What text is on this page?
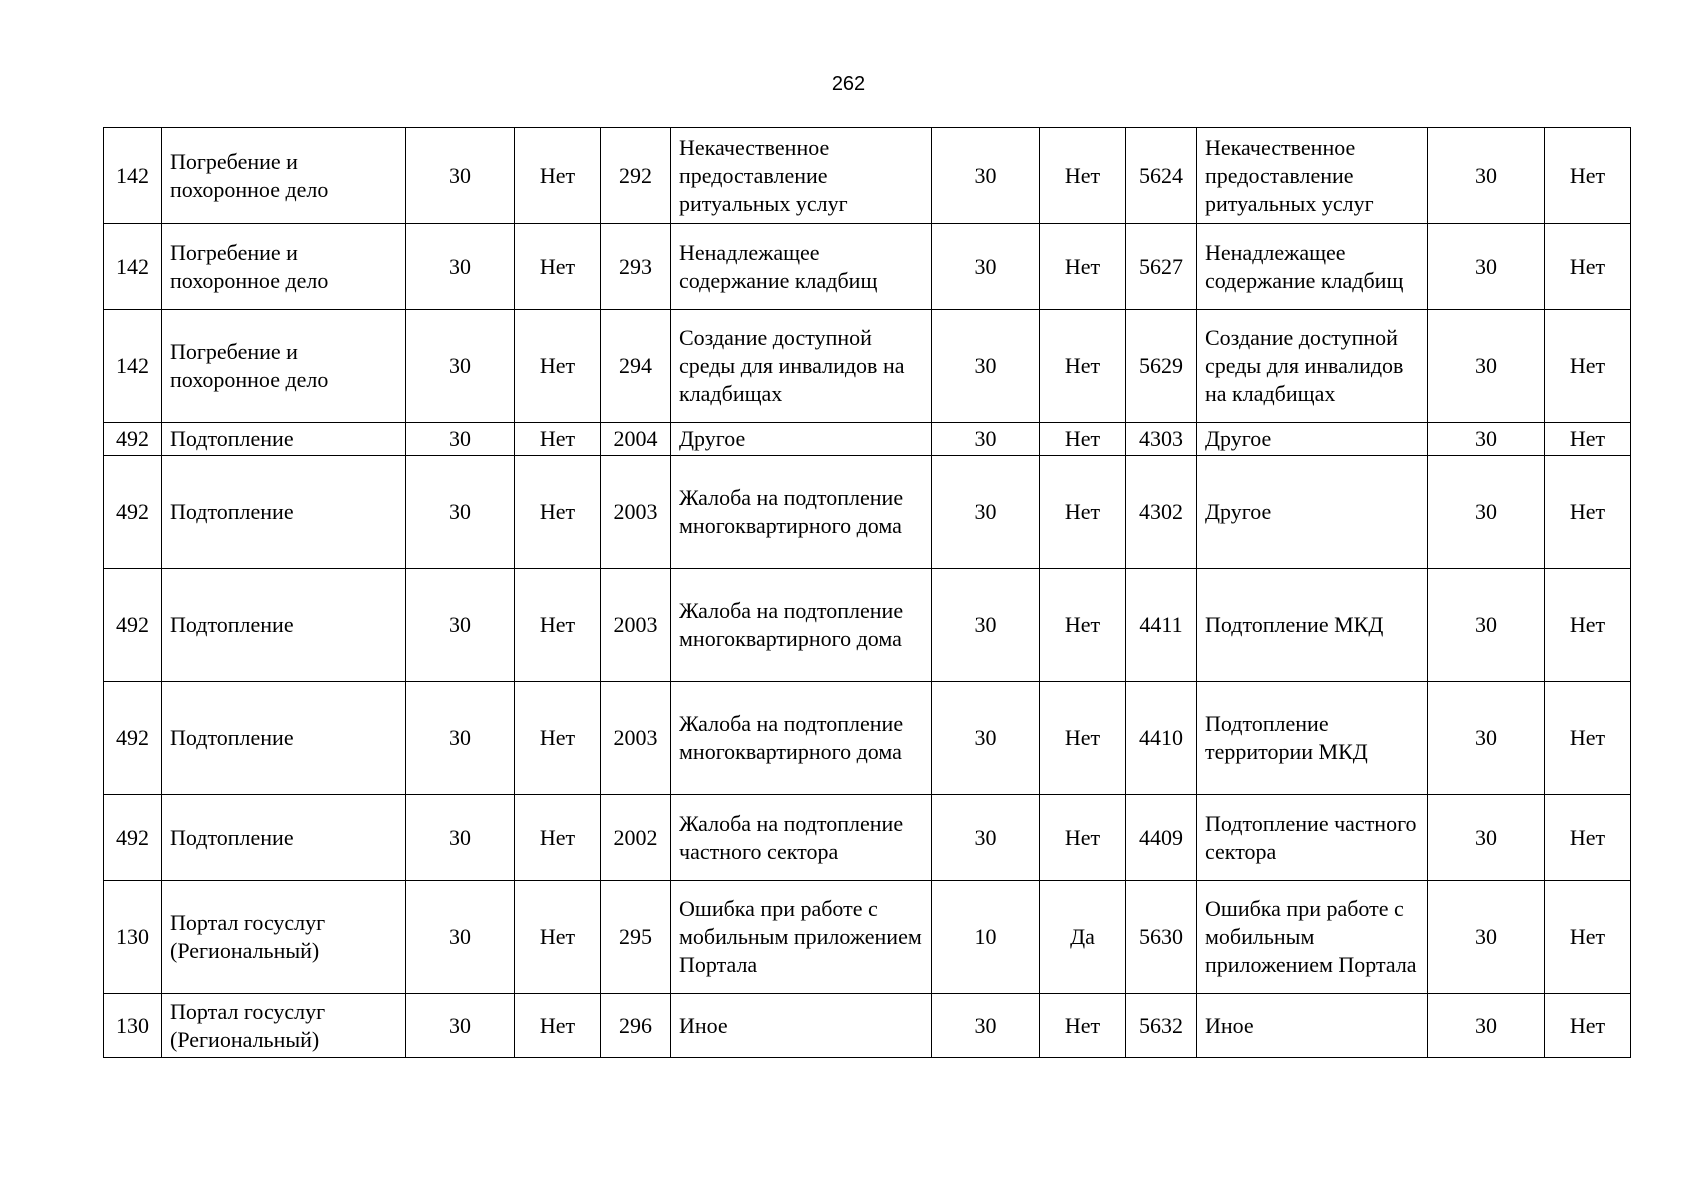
262
142	Погребение и похоронное дело	30	Нет	292	Некачественное предоставление ритуальных услуг	30	Нет	5624	Некачественное предоставление ритуальных услуг	30	Нет
142	Погребение и похоронное дело	30	Нет	293	Ненадлежащее содержание кладбищ	30	Нет	5627	Ненадлежащее содержание кладбищ	30	Нет
142	Погребение и похоронное дело	30	Нет	294	Создание доступной среды для инвалидов на кладбищах	30	Нет	5629	Создание доступной среды для инвалидов на кладбищах	30	Нет
492	Подтопление	30	Нет	2004	Другое	30	Нет	4303	Другое	30	Нет
492	Подтопление	30	Нет	2003	Жалоба на подтопление многоквартирного дома	30	Нет	4302	Другое	30	Нет
492	Подтопление	30	Нет	2003	Жалоба на подтопление многоквартирного дома	30	Нет	4411	Подтопление МКД	30	Нет
492	Подтопление	30	Нет	2003	Жалоба на подтопление многоквартирного дома	30	Нет	4410	Подтопление территории МКД	30	Нет
492	Подтопление	30	Нет	2002	Жалоба на подтопление частного сектора	30	Нет	4409	Подтопление частного сектора	30	Нет
130	Портал госуслуг (Региональный)	30	Нет	295	Ошибка при работе с мобильным приложением Портала	10	Да	5630	Ошибка при работе с мобильным приложением Портала	30	Нет
130	Портал госуслуг (Региональный)	30	Нет	296	Иное	30	Нет	5632	Иное	30	Нет
